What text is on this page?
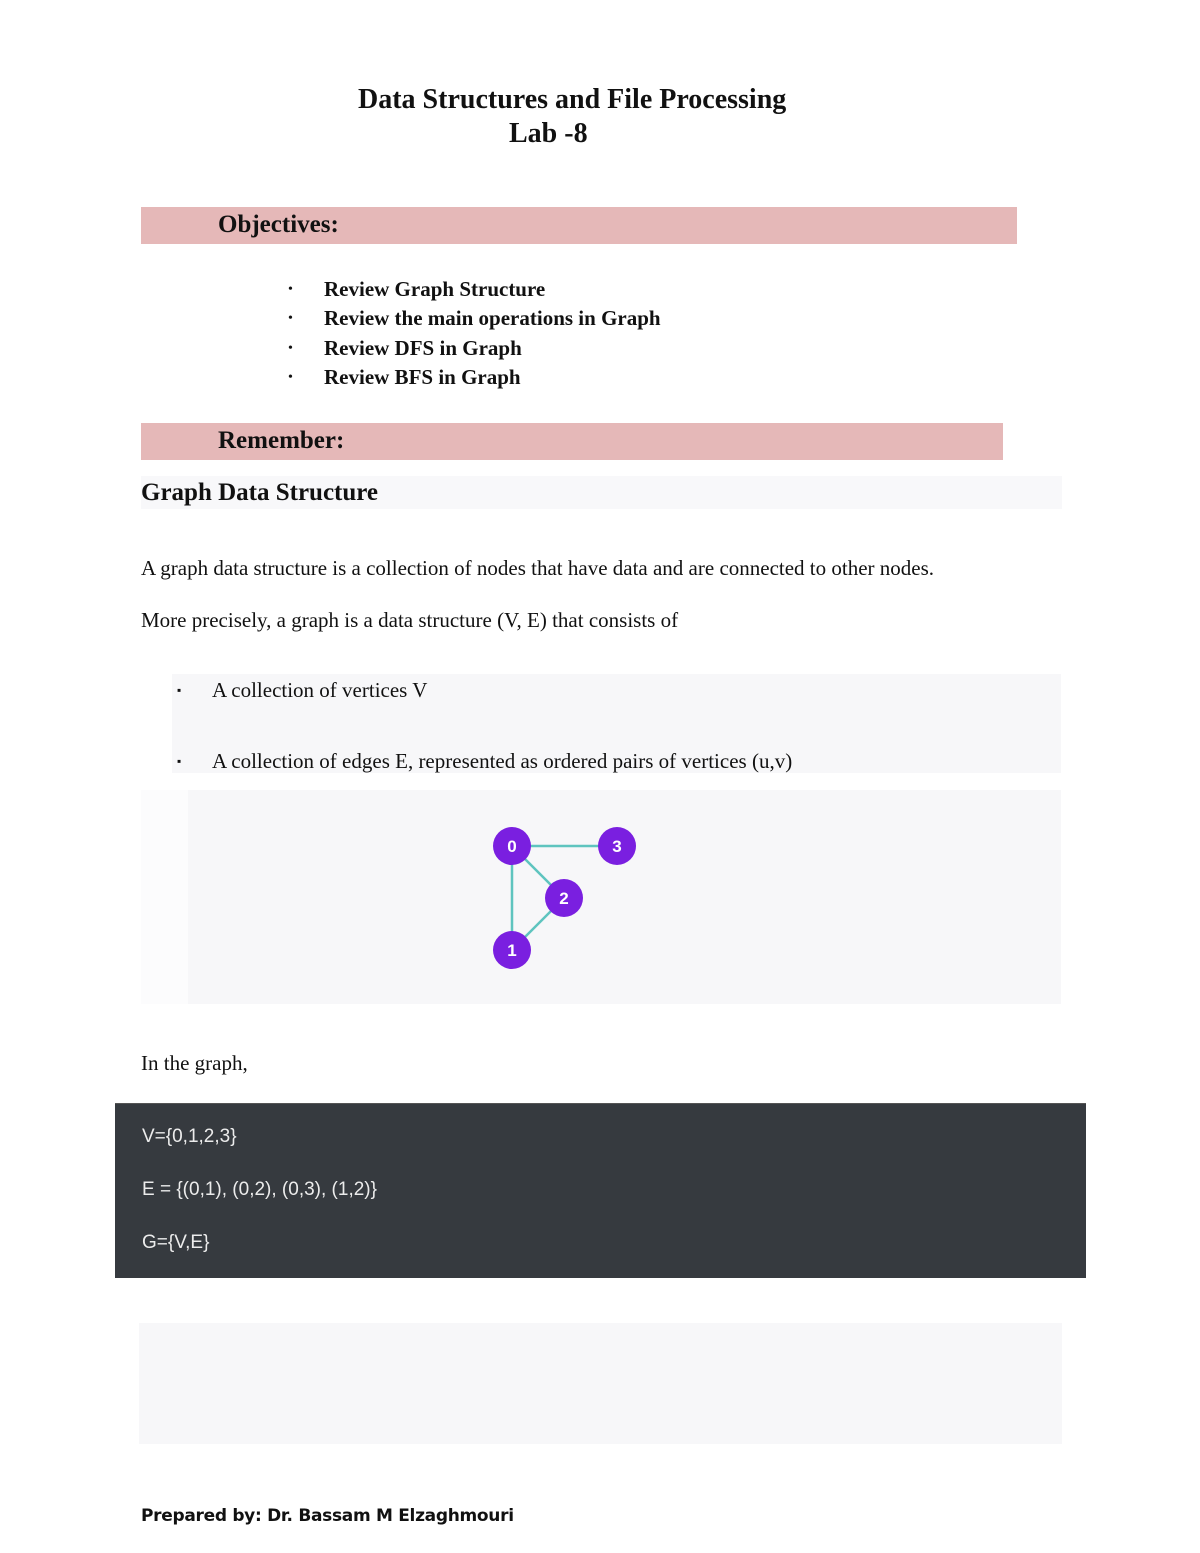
Data Structures and File Processing
Lab -8
Objectives:
• Review Graph Structure
• Review the main operations in Graph
• Review DFS in Graph
• Review BFS in Graph
Remember:
Graph Data Structure
A graph data structure is a collection of nodes that have data and are connected to other nodes.
More precisely, a graph is a data structure (V, E) that consists of
▪ A collection of vertices V
▪ A collection of edges E, represented as ordered pairs of vertices (u,v)
0	3
2
1
In the graph,
V={0,1,2,3}
E = {(0,1), (0,2), (0,3), (1,2)}
G={V,E}
Prepared by: Dr. Bassam M Elzaghmouri
